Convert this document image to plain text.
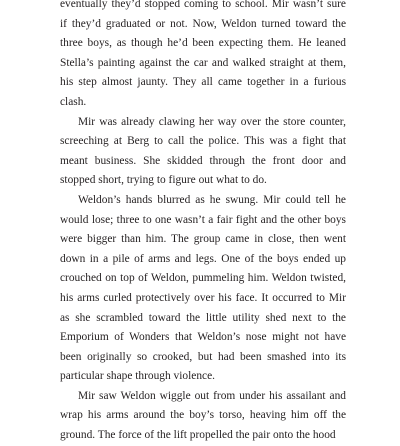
eventually they’d stopped coming to school. Mir wasn’t sure if they’d graduated or not. Now, Weldon turned toward the three boys, as though he’d been expecting them. He leaned Stella’s painting against the car and walked straight at them, his step almost jaunty. They all came together in a furious clash.

Mir was already clawing her way over the store counter, screeching at Berg to call the police. This was a fight that meant business. She skidded through the front door and stopped short, trying to figure out what to do.

Weldon’s hands blurred as he swung. Mir could tell he would lose; three to one wasn’t a fair fight and the other boys were bigger than him. The group came in close, then went down in a pile of arms and legs. One of the boys ended up crouched on top of Weldon, pummeling him. Weldon twisted, his arms curled protectively over his face. It occurred to Mir as she scrambled toward the little utility shed next to the Emporium of Wonders that Weldon’s nose might not have been originally so crooked, but had been smashed into its particular shape through violence.

Mir saw Weldon wiggle out from under his assailant and wrap his arms around the boy’s torso, heaving him off the ground. The force of the lift propelled the pair onto the hood
